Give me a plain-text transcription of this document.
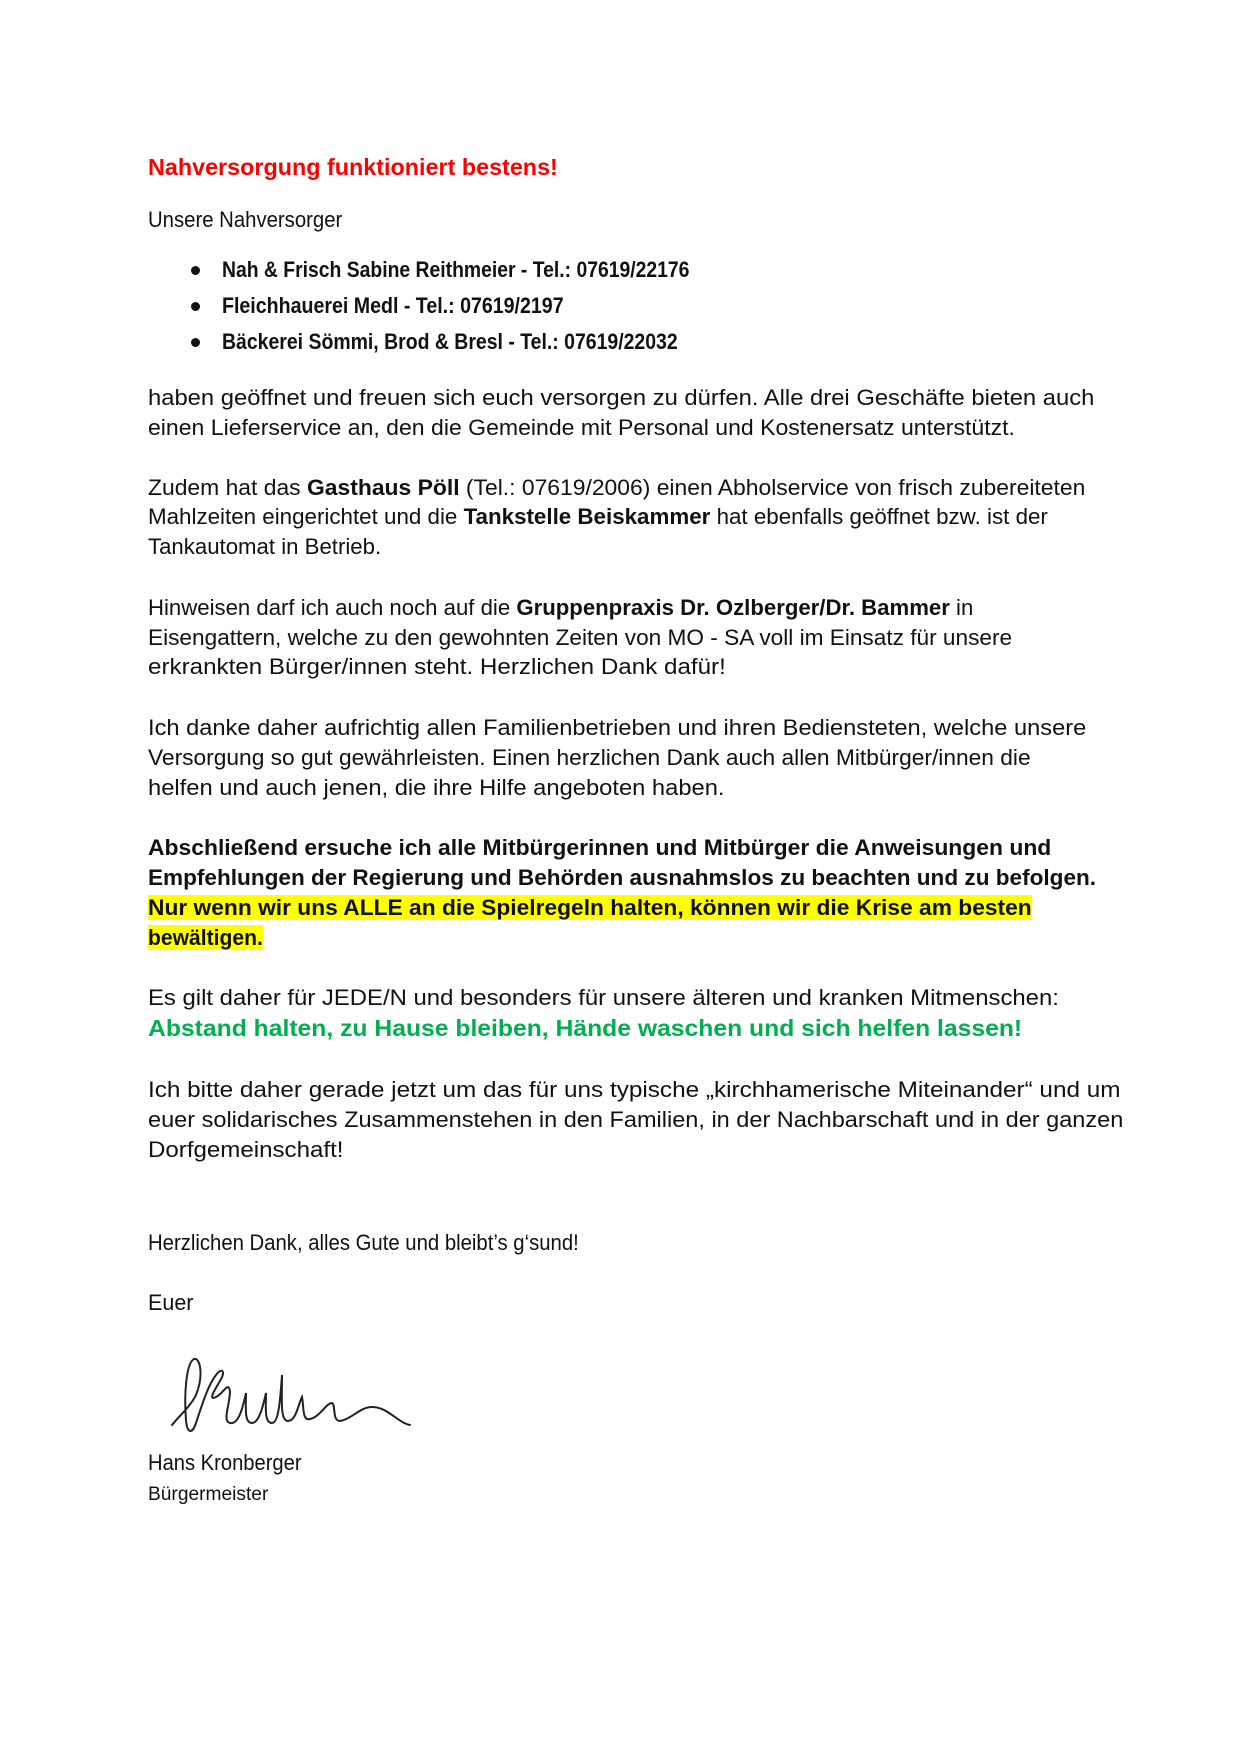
Nahversorgung funktioniert bestens!
Unsere Nahversorger
Nah & Frisch Sabine Reithmeier - Tel.: 07619/22176
Fleichhauerei Medl - Tel.: 07619/2197
Bäckerei Sömmi, Brod & Bresl - Tel.: 07619/22032
haben geöffnet und freuen sich euch versorgen zu dürfen. Alle drei Geschäfte bieten auch
einen Lieferservice an, den die Gemeinde mit Personal und Kostenersatz unterstützt.
Zudem hat das Gasthaus Pöll (Tel.: 07619/2006) einen Abholservice von frisch zubereiteten
Mahlzeiten eingerichtet und die Tankstelle Beiskammer hat ebenfalls geöffnet bzw. ist der
Tankautomat in Betrieb.
Hinweisen darf ich auch noch auf die Gruppenpraxis Dr. Ozlberger/Dr. Bammer in
Eisengattern, welche zu den gewohnten Zeiten von MO - SA voll im Einsatz für unsere
erkrankten Bürger/innen steht. Herzlichen Dank dafür!
Ich danke daher aufrichtig allen Familienbetrieben und ihren Bediensteten, welche unsere
Versorgung so gut gewährleisten. Einen herzlichen Dank auch allen Mitbürger/innen die
helfen und auch jenen, die ihre Hilfe angeboten haben.
Abschließend ersuche ich alle Mitbürgerinnen und Mitbürger die Anweisungen und
Empfehlungen der Regierung und Behörden ausnahmslos zu beachten und zu befolgen.
Nur wenn wir uns ALLE an die Spielregeln halten, können wir die Krise am besten
bewältigen.
Es gilt daher für JEDE/N und besonders für unsere älteren und kranken Mitmenschen:
Abstand halten, zu Hause bleiben, Hände waschen und sich helfen lassen!
Ich bitte daher gerade jetzt um das für uns typische „kirchhamerische Miteinander“ und um
euer solidarisches Zusammenstehen in den Familien, in der Nachbarschaft und in der ganzen
Dorfgemeinschaft!
Herzlichen Dank, alles Gute und bleibt’s g‘sund!
Euer
Hans Kronberger
Bürgermeister
